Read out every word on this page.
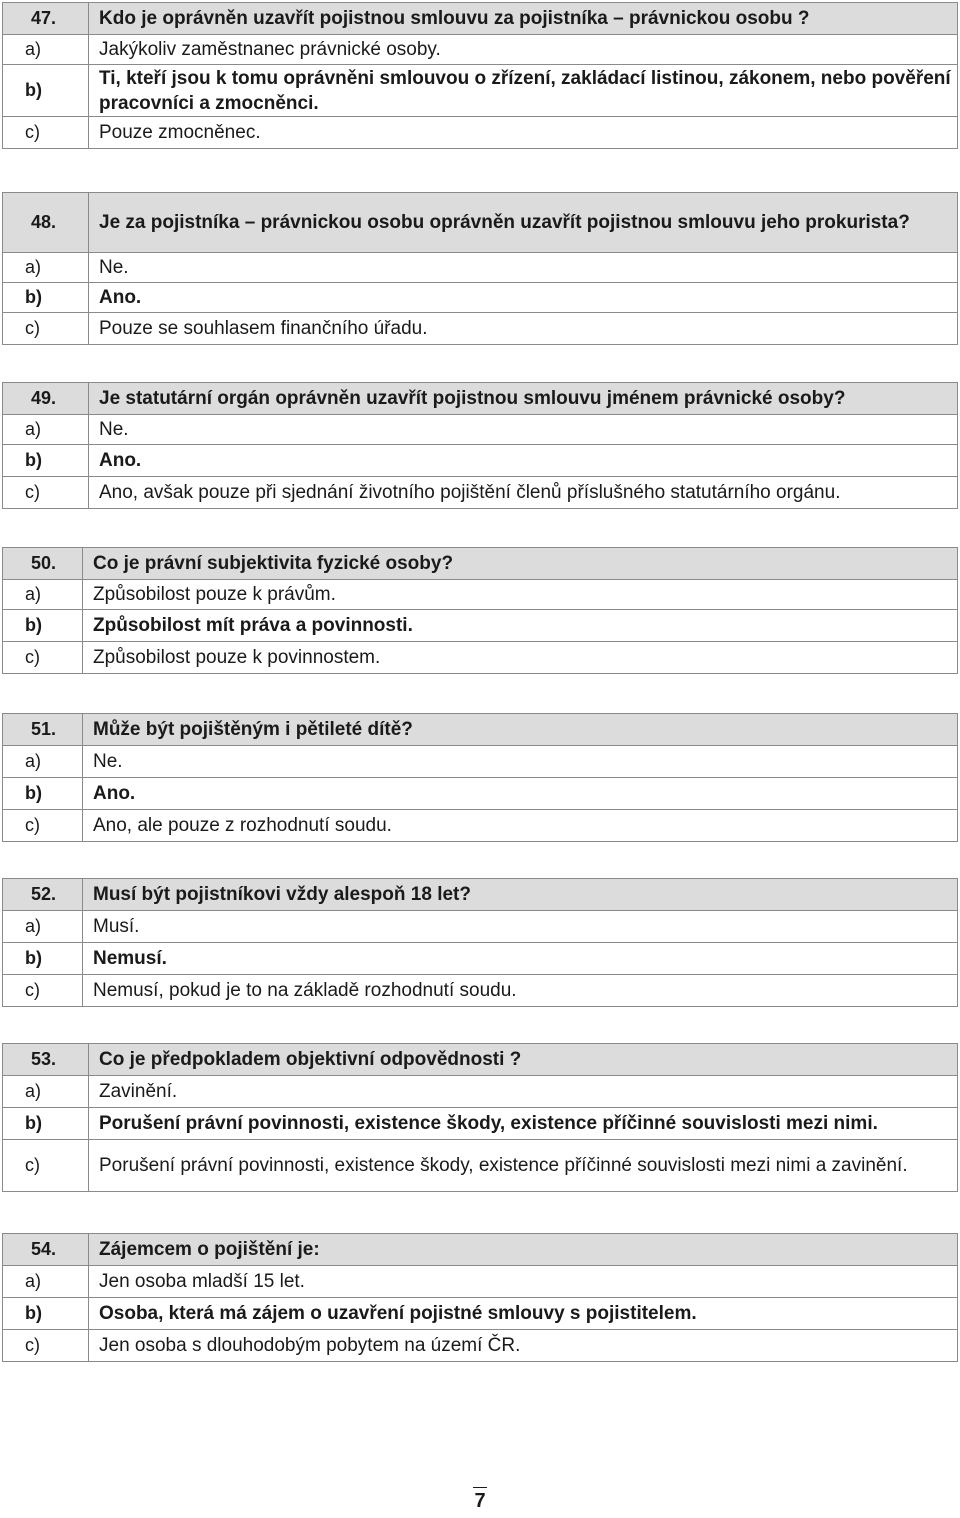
47.	Kdo je oprávněn uzavřít pojistnou smlouvu za pojistníka – právnickou osobu ?
a)	Jakýkoliv zaměstnanec právnické osoby.
b)	Ti, kteří jsou k tomu oprávněni smlouvou o zřízení, zakládací listinou, zákonem, nebo pověření pracovníci a zmocněnci.
c)	Pouze zmocněnec.
48.	Je za pojistníka – právnickou osobu oprávněn uzavřít pojistnou smlouvu jeho prokurista?
a)	Ne.
b)	Ano.
c)	Pouze se souhlasem finančního úřadu.
49.	Je statutární orgán oprávněn uzavřít pojistnou smlouvu jménem právnické osoby?
a)	Ne.
b)	Ano.
c)	Ano, avšak pouze při sjednání životního pojištění členů příslušného statutárního orgánu.
50.	Co je právní subjektivita fyzické osoby?
a)	Způsobilost pouze k právům.
b)	Způsobilost mít práva a povinnosti.
c)	Způsobilost pouze k povinnostem.
51.	Může být pojištěným i pětileté dítě?
a)	Ne.
b)	Ano.
c)	Ano, ale pouze z rozhodnutí soudu.
52.	Musí být pojistníkovi vždy alespoň 18 let?
a)	Musí.
b)	Nemusí.
c)	Nemusí, pokud je to na základě rozhodnutí soudu.
53.	Co je předpokladem objektivní odpovědnosti ?
a)	Zavinění.
b)	Porušení právní povinnosti, existence škody, existence příčinné souvislosti mezi nimi.
c)	Porušení právní povinnosti, existence škody, existence příčinné souvislosti mezi nimi a zavinění.
54.	Zájemcem o pojištění je:
a)	Jen osoba mladší 15 let.
b)	Osoba, která má zájem o uzavření pojistné smlouvy s pojistitelem.
c)	Jen osoba s dlouhodobým pobytem na území ČR.
7
